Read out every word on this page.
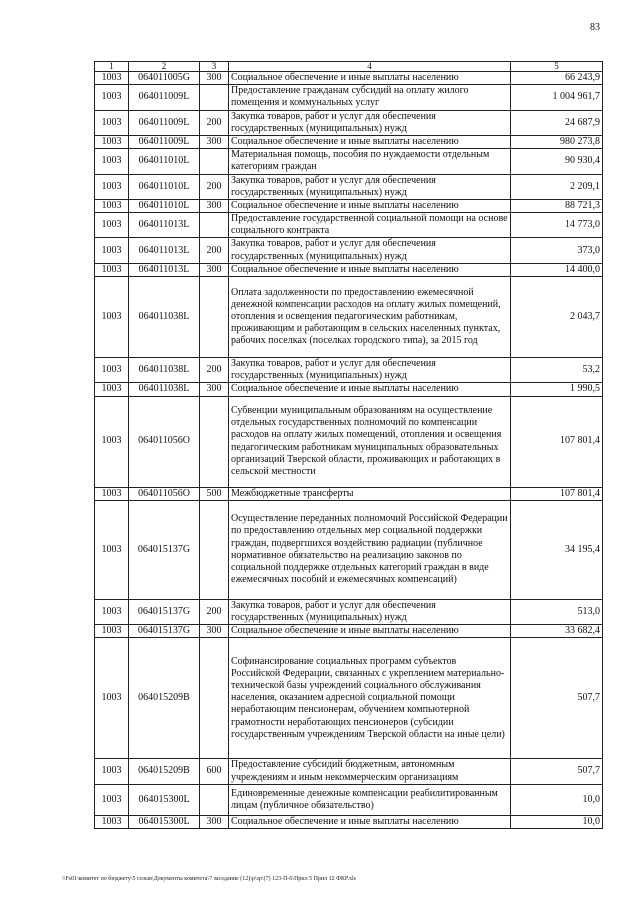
83
1	2	3	4	5
1003	064011005G	300	Социальное обеспечение и иные выплаты населению	66 243,9
1003	064011009L		Предоставление гражданам субсидий на оплату жилого помещения и коммунальных услуг	1 004 961,7
1003	064011009L	200	Закупка товаров, работ и услуг для обеспечения государственных (муниципальных) нужд	24 687,9
1003	064011009L	300	Социальное обеспечение и иные выплаты населению	980 273,8
1003	064011010L		Материальная помощь, пособия по нуждаемости отдельным категориям граждан	90 930,4
1003	064011010L	200	Закупка товаров, работ и услуг для обеспечения государственных (муниципальных) нужд	2 209,1
1003	064011010L	300	Социальное обеспечение и иные выплаты населению	88 721,3
1003	064011013L		Предоставление государственной социальной помощи на основе социального контракта	14 773,0
1003	064011013L	200	Закупка товаров, работ и услуг для обеспечения государственных (муниципальных) нужд	373,0
1003	064011013L	300	Социальное обеспечение и иные выплаты населению	14 400,0
1003	064011038L		Оплата задолженности по предоставлению ежемесячной денежной компенсации расходов на оплату жилых помещений, отопления и освещения педагогическим работникам, проживающим и работающим в сельских населенных пунктах, рабочих поселках (поселках городского типа), за 2015 год	2 043,7
1003	064011038L	200	Закупка товаров, работ и услуг для обеспечения государственных (муниципальных) нужд	53,2
1003	064011038L	300	Социальное обеспечение и иные выплаты населению	1 990,5
1003	064011056O		Субвенции муниципальным образованиям на осуществление отдельных государственных полномочий по компенсации расходов на оплату жилых помещений, отопления и освещения педагогическим работникам муниципальных образовательных организаций Тверской области, проживающих и работающих в сельской местности	107 801,4
1003	064011056O	500	Межбюджетные трансферты	107 801,4
1003	064015137G		Осуществление переданных полномочий Российской Федерации по предоставлению отдельных мер социальной поддержки граждан, подвергшихся воздействию радиации (публичное нормативное обязательство на реализацию законов по социальной поддержке отдельных категорий граждан в виде ежемесячных пособий и ежемесячных компенсаций)	34 195,4
1003	064015137G	200	Закупка товаров, работ и услуг для обеспечения государственных (муниципальных) нужд	513,0
1003	064015137G	300	Социальное обеспечение и иные выплаты населению	33 682,4
1003	064015209B		Софинансирование социальных программ субъектов Российской Федерации, связанных с укреплением материально-технической базы учреждений социального обслуживания населения, оказанием адресной социальной помощи неработающим пенсионерам, обучением компьютерной грамотности неработающих пенсионеров (субсидии государственным учреждениям Тверской области на иные цели)	507,7
1003	064015209B	600	Предоставление субсидий бюджетным, автономным учреждениям и иным некоммерческим организациям	507,7
1003	064015300L		Единовременные денежные компенсации реабилитированным лицам (публичное обязательство)	10,0
1003	064015300L	300	Социальное обеспечение и иные выплаты населению	10,0
\\Fs01\комитет по бюджету\5 созыв\Документы комитета\7 заседание (12)\р\зр\(7) 123-П-6\Прил 5 Прил 12 ФКР.xls
